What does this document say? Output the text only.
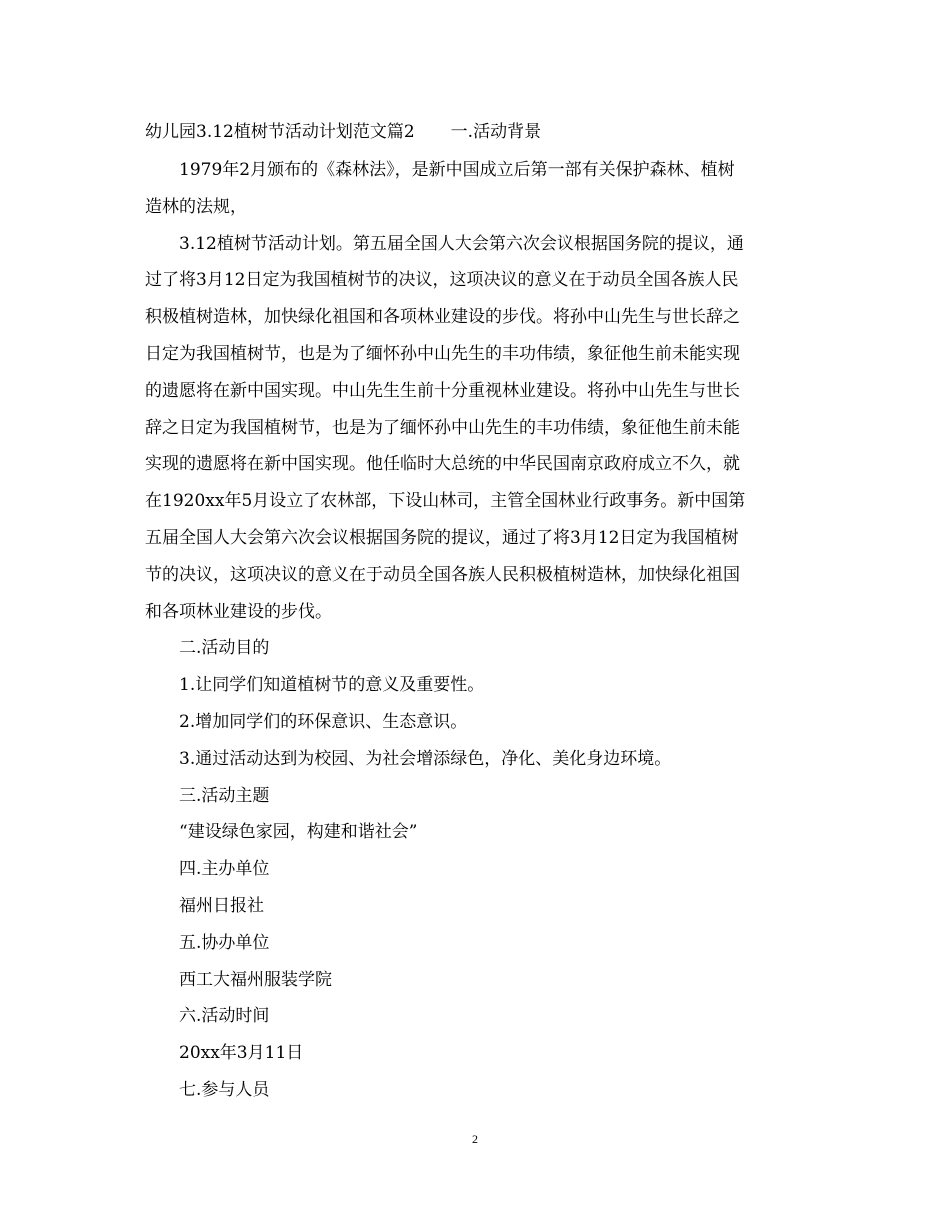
幼儿园3.12植树节活动计划范文篇2 一.活动背景
1979年2月颁布的《森林法》，是新中国成立后第一部有关保护森林、植树
造林的法规，
3.12植树节活动计划。第五届全国人大会第六次会议根据国务院的提议，通
过了将3月12日定为我国植树节的决议，这项决议的意义在于动员全国各族人民
积极植树造林，加快绿化祖国和各项林业建设的步伐。将孙中山先生与世长辞之
日定为我国植树节，也是为了缅怀孙中山先生的丰功伟绩，象征他生前未能实现
的遗愿将在新中国实现。中山先生生前十分重视林业建设。将孙中山先生与世长
辞之日定为我国植树节，也是为了缅怀孙中山先生的丰功伟绩，象征他生前未能
实现的遗愿将在新中国实现。他任临时大总统的中华民国南京政府成立不久，就
在1920xx年5月设立了农林部，下设山林司，主管全国林业行政事务。新中国第
五届全国人大会第六次会议根据国务院的提议，通过了将3月12日定为我国植树
节的决议，这项决议的意义在于动员全国各族人民积极植树造林，加快绿化祖国
和各项林业建设的步伐。
二.活动目的
1.让同学们知道植树节的意义及重要性。
2.增加同学们的环保意识、生态意识。
3.通过活动达到为校园、为社会增添绿色，净化、美化身边环境。
三.活动主题
“建设绿色家园，构建和谐社会”
四.主办单位
福州日报社
五.协办单位
西工大福州服装学院
六.活动时间
20xx年3月11日
七.参与人员
2
